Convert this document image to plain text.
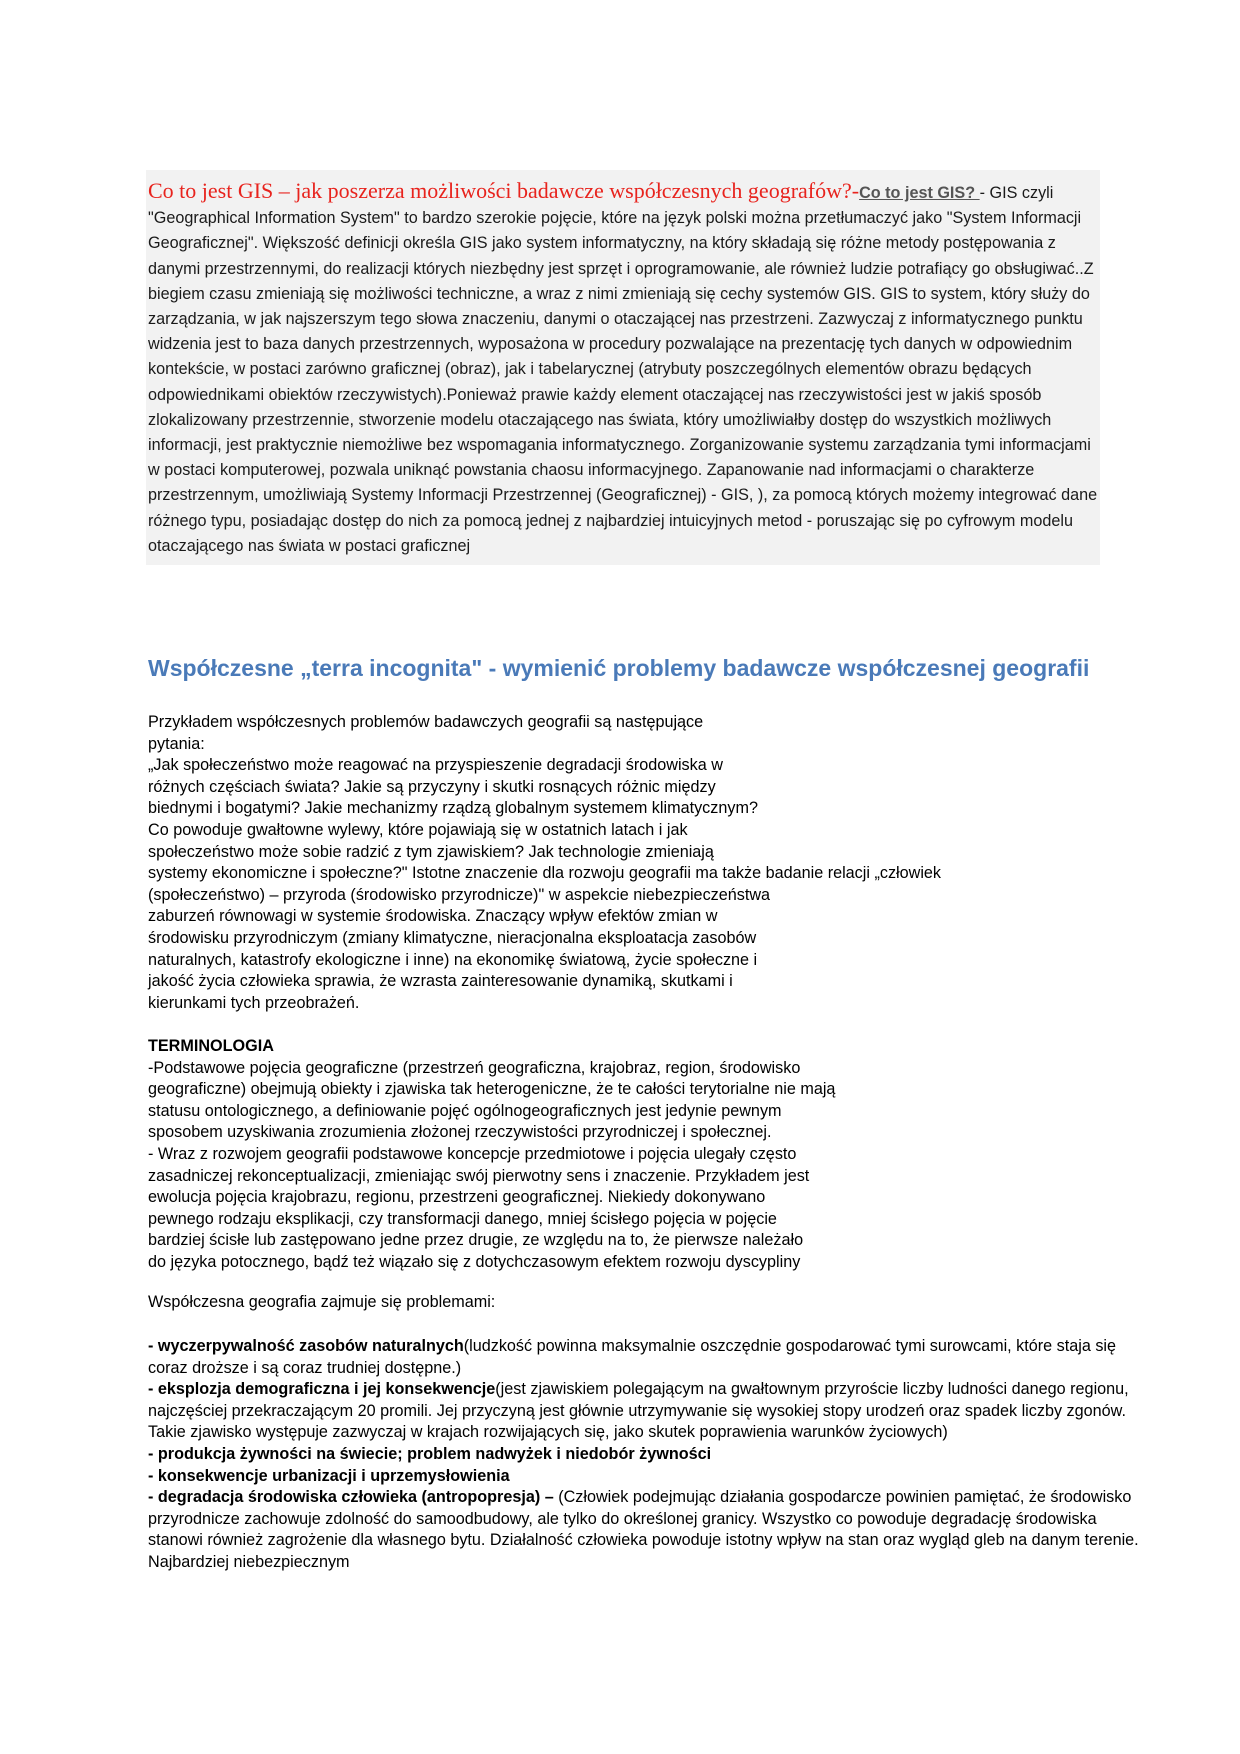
Co to jest GIS – jak poszerza możliwości badawcze współczesnych geografów?-Co to jest GIS? - GIS czyli "Geographical Information System" to bardzo szerokie pojęcie, które na język polski można przetłumaczyć jako "System Informacji Geograficznej". Większość definicji określa GIS jako system informatyczny, na który składają się różne metody postępowania z danymi przestrzennymi, do realizacji których niezbędny jest sprzęt i oprogramowanie, ale również ludzie potrafiący go obsługiwać..Z biegiem czasu zmieniają się możliwości techniczne, a wraz z nimi zmieniają się cechy systemów GIS. GIS to system, który służy do zarządzania, w jak najszerszym tego słowa znaczeniu, danymi o otaczającej nas przestrzeni. Zazwyczaj z informatycznego punktu widzenia jest to baza danych przestrzennych, wyposażona w procedury pozwalające na prezentację tych danych w odpowiednim kontekście, w postaci zarówno graficznej (obraz), jak i tabelarycznej (atrybuty poszczególnych elementów obrazu będących odpowiednikami obiektów rzeczywistych).Ponieważ prawie każdy element otaczającej nas rzeczywistości jest w jakiś sposób zlokalizowany przestrzennie, stworzenie modelu otaczającego nas świata, który umożliwiałby dostęp do wszystkich możliwych informacji, jest praktycznie niemożliwe bez wspomagania informatycznego. Zorganizowanie systemu zarządzania tymi informacjami w postaci komputerowej, pozwala uniknąć powstania chaosu informacyjnego. Zapanowanie nad informacjami o charakterze przestrzennym, umożliwiają Systemy Informacji Przestrzennej (Geograficznej) - GIS, ), za pomocą których możemy integrować dane różnego typu, posiadając dostęp do nich za pomocą jednej z najbardziej intuicyjnych metod - poruszając się po cyfrowym modelu otaczającego nas świata w postaci graficznej

Współczesne „terra incognita" - wymienić problemy badawcze współczesnej geografii
Przykładem współczesnych problemów badawczych geografii są następujące
pytania:
„Jak społeczeństwo może reagować na przyspieszenie degradacji środowiska w
różnych częściach świata? Jakie są przyczyny i skutki rosnących różnic między
biednymi i bogatymi? Jakie mechanizmy rządzą globalnym systemem klimatycznym?
Co powoduje gwałtowne wylewy, które pojawiają się w ostatnich latach i jak
społeczeństwo może sobie radzić z tym zjawiskiem? Jak technologie zmieniają
systemy ekonomiczne i społeczne?" Istotne znaczenie dla rozwoju geografii ma także badanie relacji „człowiek
(społeczeństwo) – przyroda (środowisko przyrodnicze)" w aspekcie niebezpieczeństwa
zaburzeń równowagi w systemie środowiska. Znaczący wpływ efektów zmian w
środowisku przyrodniczym (zmiany klimatyczne, nieracjonalna eksploatacja zasobów
naturalnych, katastrofy ekologiczne i inne) na ekonomikę światową, życie społeczne i
jakość życia człowieka sprawia, że wzrasta zainteresowanie dynamiką, skutkami i
kierunkami tych przeobrażeń.
TERMINOLOGIA
-Podstawowe pojęcia geograficzne (przestrzeń geograficzna, krajobraz, region, środowisko
geograficzne) obejmują obiekty i zjawiska tak heterogeniczne, że te całości terytorialne nie mają
statusu ontologicznego, a definiowanie pojęć ogólnogeograficznych jest jedynie pewnym
sposobem uzyskiwania zrozumienia złożonej rzeczywistości przyrodniczej i społecznej.
- Wraz z rozwojem geografii podstawowe koncepcje przedmiotowe i pojęcia ulegały często
zasadniczej rekonceptualizacji, zmieniając swój pierwotny sens i znaczenie. Przykładem jest
ewolucja pojęcia krajobrazu, regionu, przestrzeni geograficznej. Niekiedy dokonywano
pewnego rodzaju eksplikacji, czy transformacji danego, mniej ścisłego pojęcia w pojęcie
bardziej ścisłe lub zastępowano jedne przez drugie, ze względu na to, że pierwsze należało
do języka potocznego, bądź też wiązało się z dotychczasowym efektem rozwoju dyscypliny
Współczesna geografia zajmuje się problemami:
- wyczerpywalność zasobów naturalnych(ludzkość powinna maksymalnie oszczędnie gospodarować tymi surowcami, które staja się coraz droższe i są coraz trudniej dostępne.)
- eksplozja demograficzna i jej konsekwencje(jest zjawiskiem polegającym na gwałtownym przyroście liczby ludności danego regionu, najczęściej przekraczającym 20 promili. Jej przyczyną jest głównie utrzymywanie się wysokiej stopy urodzeń oraz spadek liczby zgonów. Takie zjawisko występuje zazwyczaj w krajach rozwijających się, jako skutek poprawienia warunków życiowych)
- produkcja żywności na świecie; problem nadwyżek i niedobór żywności
- konsekwencje urbanizacji i uprzemysłowienia
- degradacja środowiska człowieka (antropopresja) – (Człowiek podejmując działania gospodarcze powinien pamiętać, że środowisko przyrodnicze zachowuje zdolność do samoodbudowy, ale tylko do określonej granicy. Wszystko co powoduje degradację środowiska stanowi również zagrożenie dla własnego bytu. Działalność człowieka powoduje istotny wpływ na stan oraz wygląd gleb na danym terenie. Najbardziej niebezpiecznym
